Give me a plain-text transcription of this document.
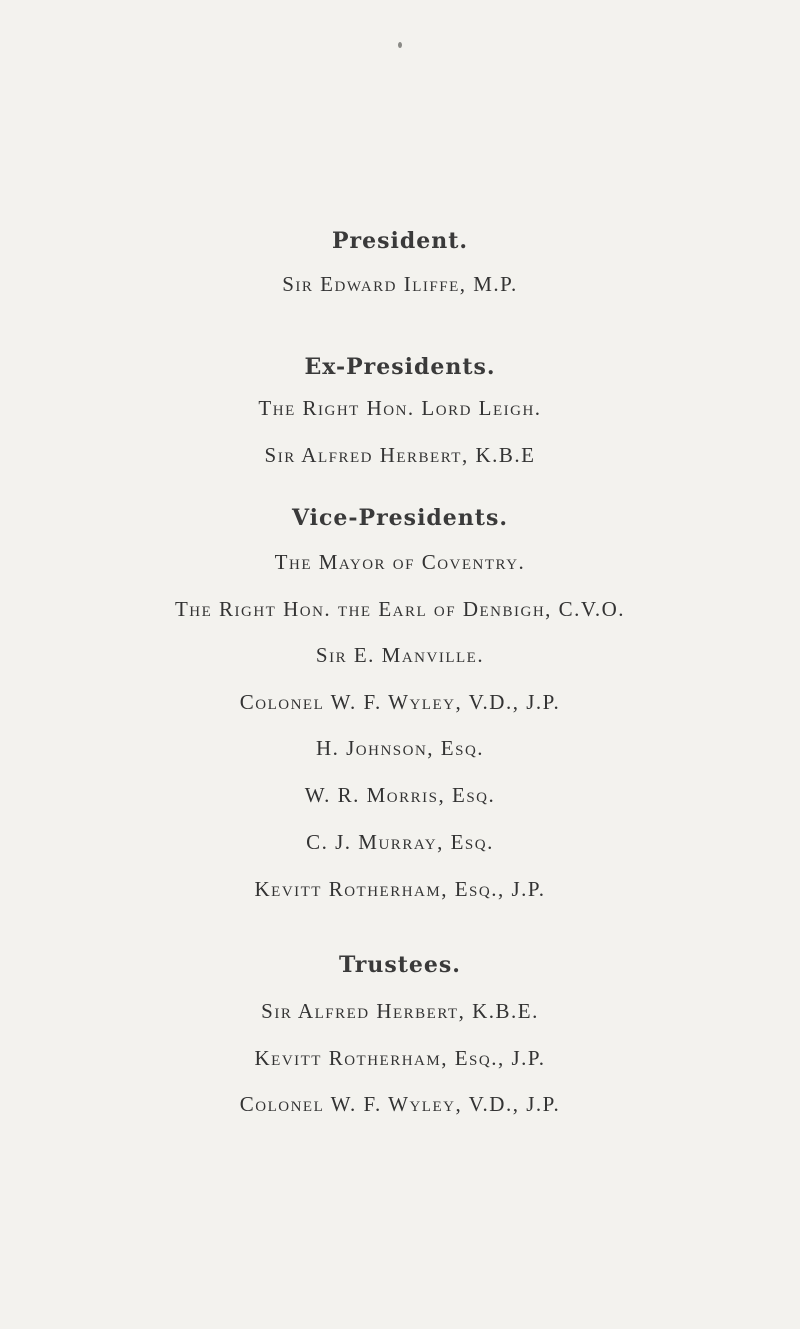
President.
Sir Edward Iliffe, M.P.
Ex-Presidents.
The Right Hon. Lord Leigh.
Sir Alfred Herbert, K.B.E
Vice-Presidents.
The Mayor of Coventry.
The Right Hon. the Earl of Denbigh, C.V.O.
Sir E. Manville.
Colonel W. F. Wyley, V.D., J.P.
H. Johnson, Esq.
W. R. Morris, Esq.
C. J. Murray, Esq.
Kevitt Rotherham, Esq., J.P.
Trustees.
Sir Alfred Herbert, K.B.E.
Kevitt Rotherham, Esq., J.P.
Colonel W. F. Wyley, V.D., J.P.
